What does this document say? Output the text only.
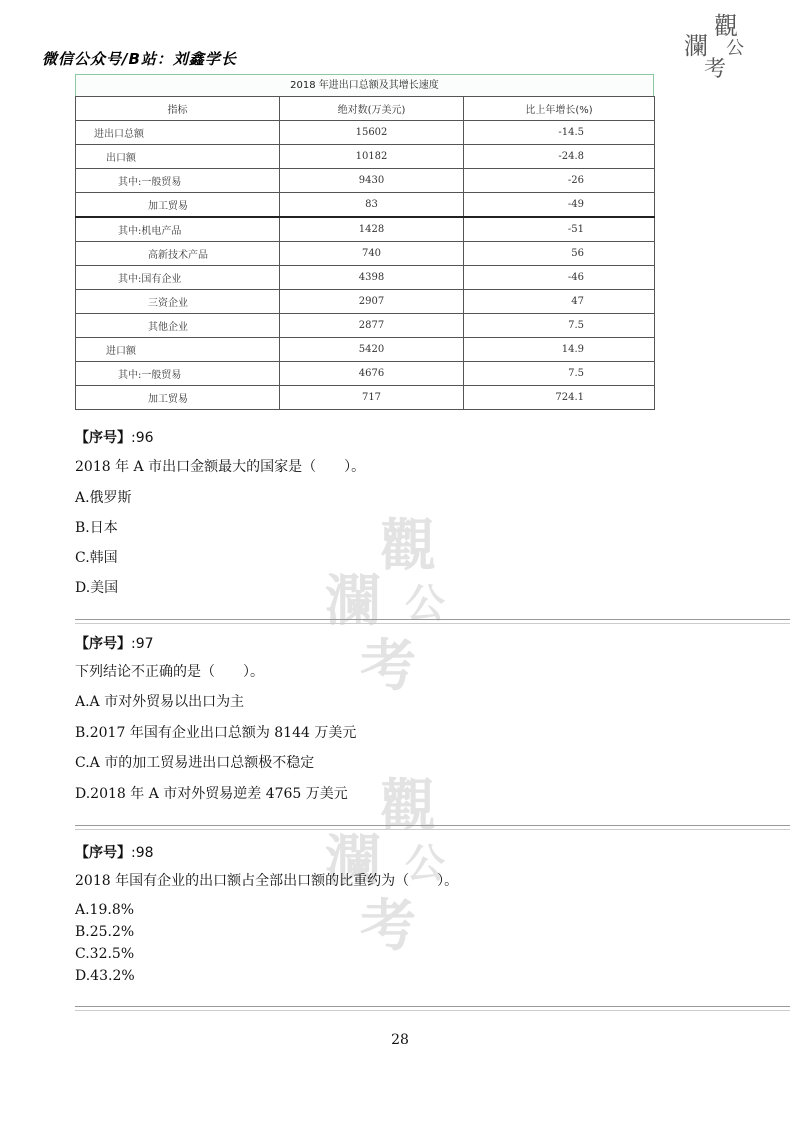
微信公众号/B站：刘鑫学长
觀
瀾 公
考
觀
瀾 公
考
觀
瀾 公
考
2018 年进出口总额及其增长速度
指标	绝对数(万美元)	比上年增长(%)
进出口总额	15602	-14.5
出口额	10182	-24.8
其中:一般贸易	9430	-26
加工贸易	83	-49
其中:机电产品	1428	-51
高新技术产品	740	56
其中:国有企业	4398	-46
三资企业	2907	47
其他企业	2877	7.5
进口额	5420	14.9
其中:一般贸易	4676	7.5
加工贸易	717	724.1
【序号】:96
2018 年 A 市出口金额最大的国家是（　　）。
A.俄罗斯
B.日本
C.韩国
D.美国
【序号】:97
下列结论不正确的是（　　）。
A.A 市对外贸易以出口为主
B.2017 年国有企业出口总额为 8144 万美元
C.A 市的加工贸易进出口总额极不稳定
D.2018 年 A 市对外贸易逆差 4765 万美元
【序号】:98
2018 年国有企业的出口额占全部出口额的比重约为（　　）。
A.19.8%
B.25.2%
C.32.5%
D.43.2%
28
